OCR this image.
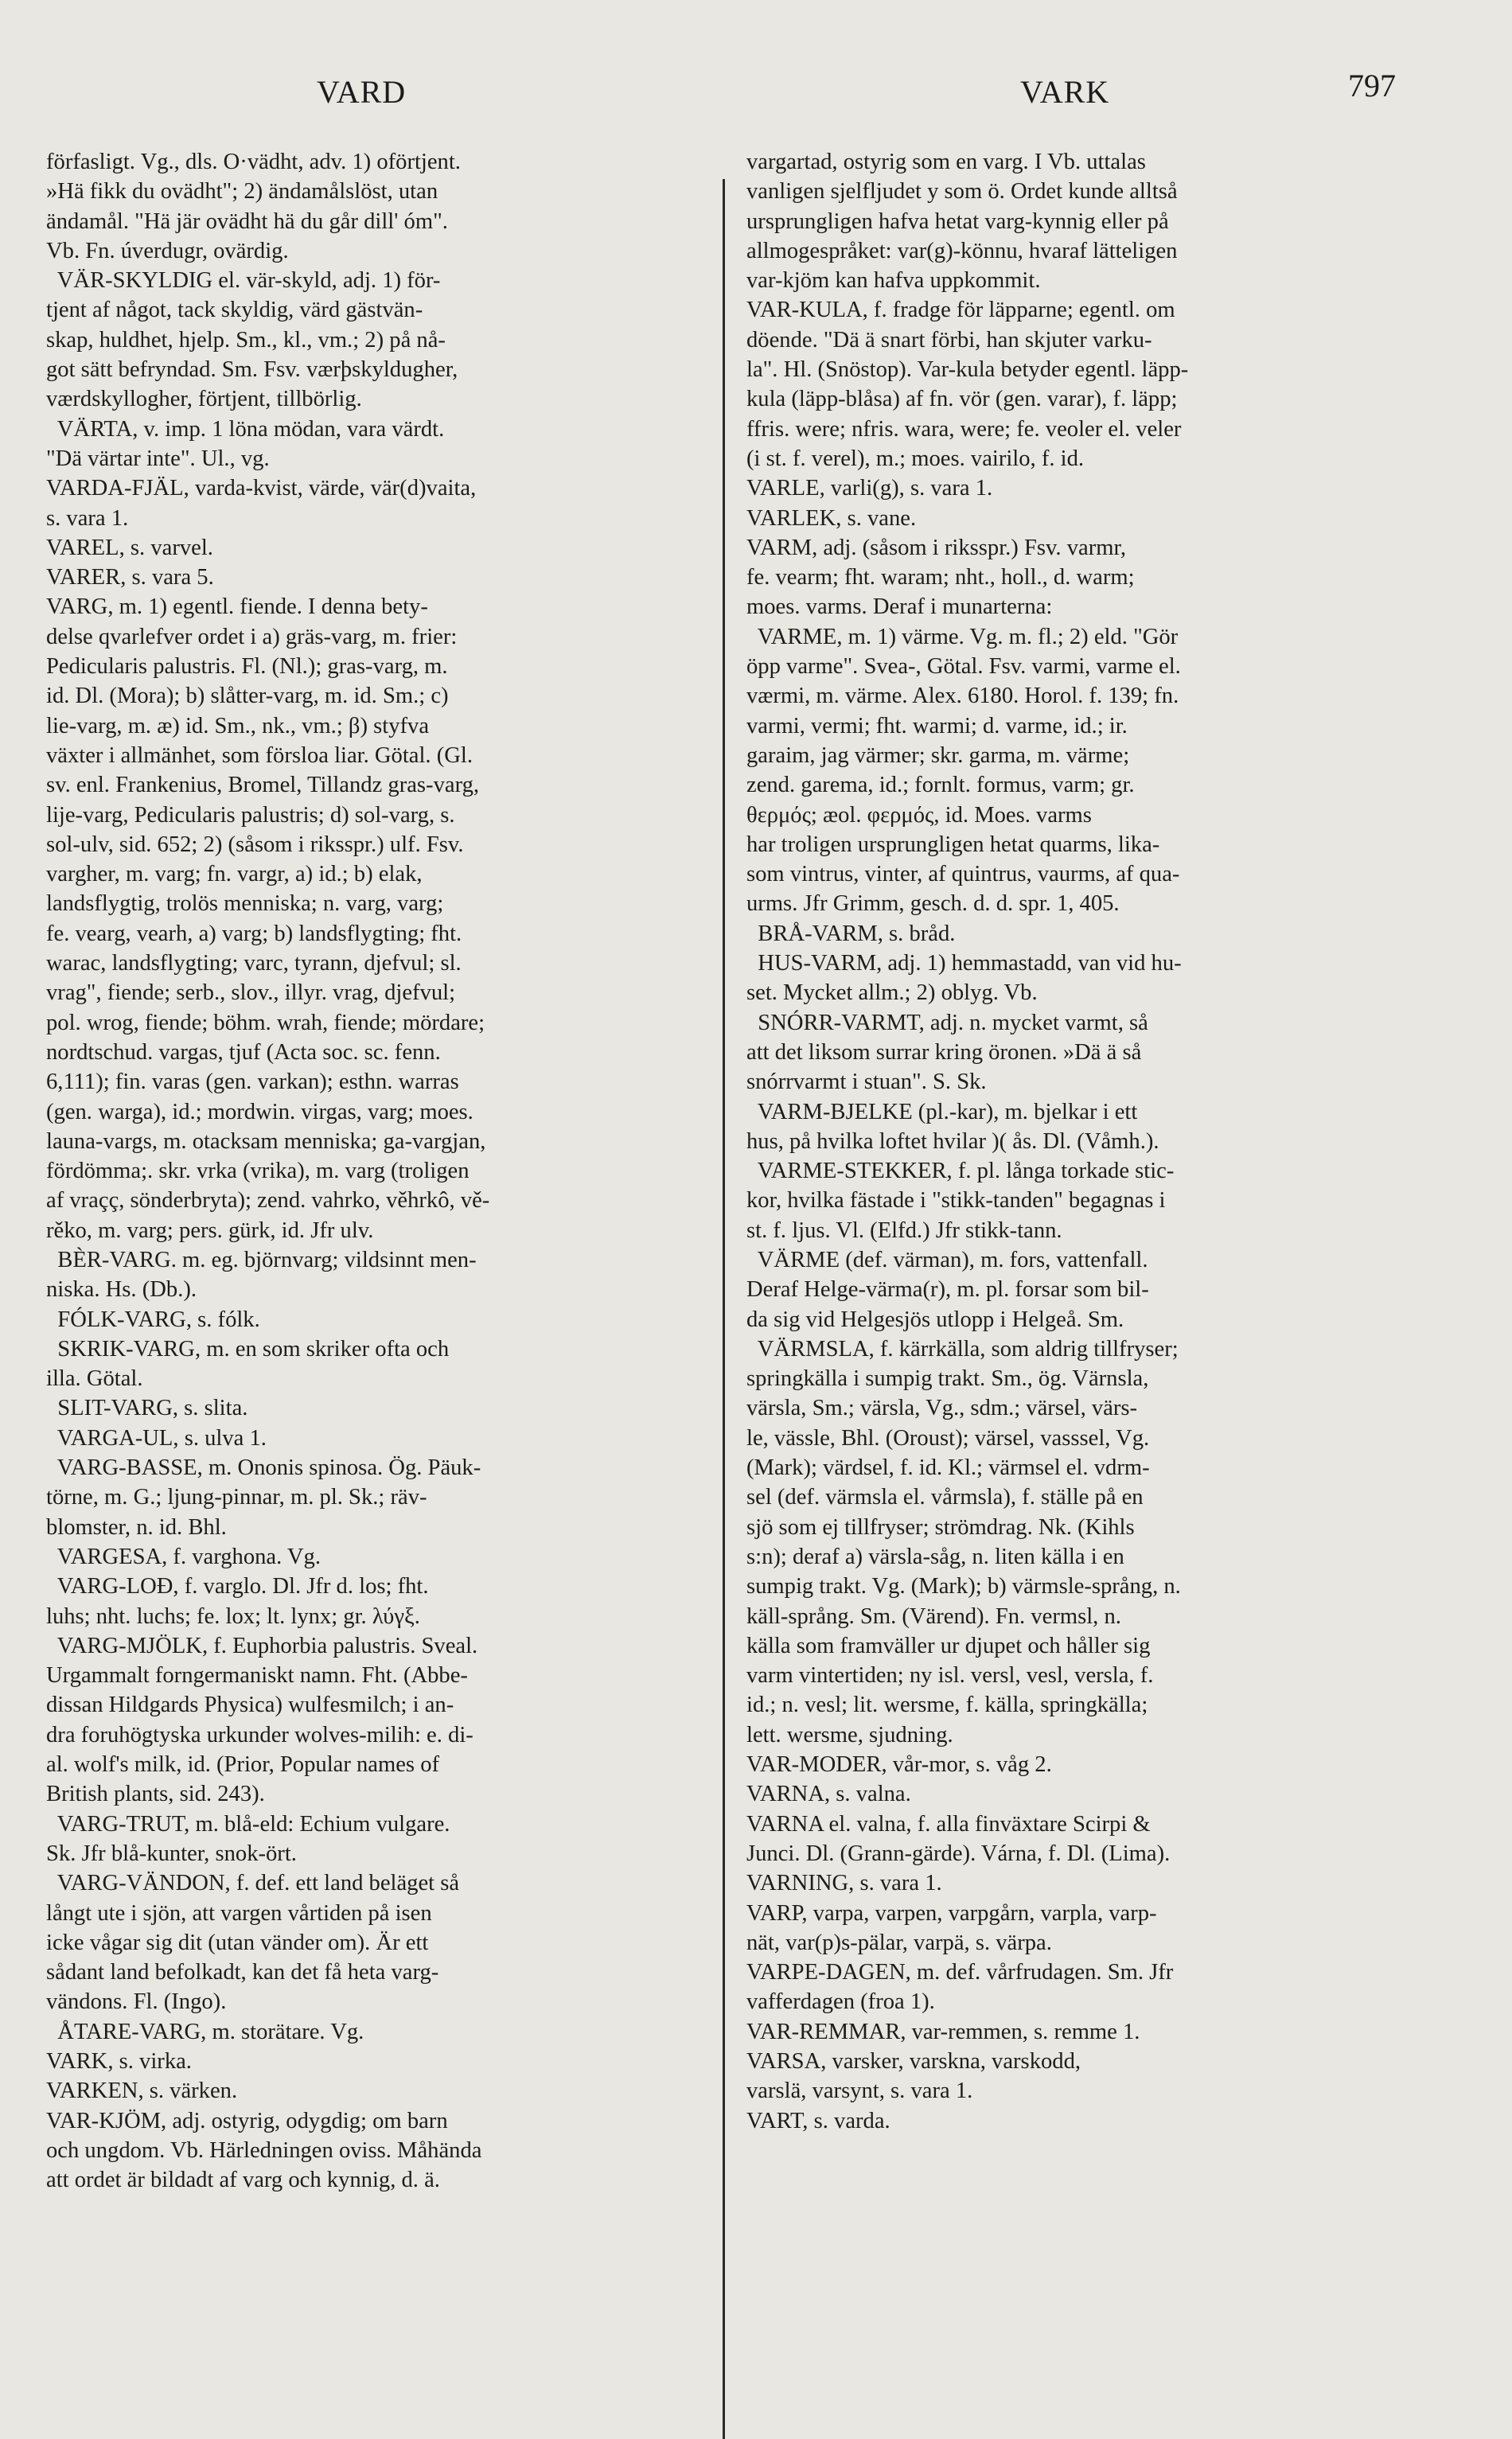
VARD	VARK	797
förfasligt. Vg., dls. O·vädht, adv. 1) oförtjent.
»Hä fikk du ovädht"; 2) ändamålslöst, utan
ändamål. "Hä jär ovädht hä du går dill' óm".
Vb. Fn. úverdugr, ovärdig.
VÄR-SKYLDIG el. vär-skyld, adj. 1) för-
tjent af något, tack skyldig, värd gästvän-
skap, huldhet, hjelp. Sm., kl., vm.; 2) på nå-
got sätt befryndad. Sm. Fsv. værþskyldugher,
værdskyllogher, förtjent, tillbörlig.
VÄRTA, v. imp. 1 löna mödan, vara värdt.
"Dä värtar inte". Ul., vg.
VARDA-FJÄL, varda-kvist, värde, vär(d)vaita,
s. vara 1.
VAREL, s. varvel.
VARER, s. vara 5.
VARG, m. 1) egentl. fiende. I denna bety-
delse qvarlefver ordet i a) gräs-varg, m. frier:
Pedicularis palustris. Fl. (Nl.); gras-varg, m.
id. Dl. (Mora); b) slåtter-varg, m. id. Sm.; c)
lie-varg, m. æ) id. Sm., nk., vm.; β) styfva
växter i allmänhet, som försloa liar. Götal. (Gl.
sv. enl. Frankenius, Bromel, Tillandz gras-varg,
lije-varg, Pedicularis palustris; d) sol-varg, s.
sol-ulv, sid. 652; 2) (såsom i riksspr.) ulf. Fsv.
vargher, m. varg; fn. vargr, a) id.; b) elak,
landsflygtig, trolös menniska; n. varg, varg;
fe. vearg, vearh, a) varg; b) landsflygting; fht.
warac, landsflygting; varc, tyrann, djefvul; sl.
vrag", fiende; serb., slov., illyr. vrag, djefvul;
pol. wrog, fiende; böhm. wrah, fiende; mördare;
nordtschud. vargas, tjuf (Acta soc. sc. fenn.
6,111); fin. varas (gen. varkan); esthn. warras
(gen. warga), id.; mordwin. virgas, varg; moes.
launa-vargs, m. otacksam menniska; ga-vargjan,
fördömma;. skr. vrka (vrika), m. varg (troligen
af vraçç, sönderbryta); zend. vahrko, věhrkô, vě-
rěko, m. varg; pers. gürk, id. Jfr ulv.
BÈR-VARG. m. eg. björnvarg; vildsinnt men-
niska. Hs. (Db.).
FÓLK-VARG, s. fólk.
SKRIK-VARG, m. en som skriker ofta och
illa. Götal.
SLIT-VARG, s. slita.
VARGA-UL, s. ulva 1.
VARG-BASSE, m. Ononis spinosa. Ög. Päuk-
törne, m. G.; ljung-pinnar, m. pl. Sk.; räv-
blomster, n. id. Bhl.
VARGESA, f. varghona. Vg.
VARG-LOÐ, f. varglo. Dl. Jfr d. los; fht.
luhs; nht. luchs; fe. lox; lt. lynx; gr. λύγξ.
VARG-MJÖLK, f. Euphorbia palustris. Sveal.
Urgammalt forngermaniskt namn. Fht. (Abbe-
dissan Hildgards Physica) wulfesmilch; i an-
dra foruhögtyska urkunder wolves-milih: e. di-
al. wolf's milk, id. (Prior, Popular names of
British plants, sid. 243).
VARG-TRUT, m. blå-eld: Echium vulgare.
Sk. Jfr blå-kunter, snok-ört.
VARG-VÄNDON, f. def. ett land beläget så
långt ute i sjön, att vargen vårtiden på isen
icke vågar sig dit (utan vänder om). Är ett
sådant land befolkadt, kan det få heta varg-
vändons. Fl. (Ingo).
ÅTARE-VARG, m. storätare. Vg.
VARK, s. virka.
VARKEN, s. värken.
VAR-KJÖM, adj. ostyrig, odygdig; om barn
och ungdom. Vb. Härledningen oviss. Måhända
att ordet är bildadt af varg och kynnig, d. ä.
vargartad, ostyrig som en varg. I Vb. uttalas
vanligen sjelfljudet y som ö. Ordet kunde alltså
ursprungligen hafva hetat varg-kynnig eller på
allmogespråket: var(g)-könnu, hvaraf lätteligen
var-kjöm kan hafva uppkommit.
VAR-KULA, f. fradge för läpparne; egentl. om
döende. "Dä ä snart förbi, han skjuter varku-
la". Hl. (Snöstop). Var-kula betyder egentl. läpp-
kula (läpp-blåsa) af fn. vör (gen. varar), f. läpp;
ffris. were; nfris. wara, were; fe. veoler el. veler
(i st. f. verel), m.; moes. vairilo, f. id.
VARLE, varli(g), s. vara 1.
VARLEK, s. vane.
VARM, adj. (såsom i riksspr.) Fsv. varmr,
fe. vearm; fht. waram; nht., holl., d. warm;
moes. varms. Deraf i munarterna:
VARME, m. 1) värme. Vg. m. fl.; 2) eld. "Gör
öpp varme". Svea-, Götal. Fsv. varmi, varme el.
værmi, m. värme. Alex. 6180. Horol. f. 139; fn.
varmi, vermi; fht. warmi; d. varme, id.; ir.
garaim, jag värmer; skr. garma, m. värme;
zend. garema, id.; fornlt. formus, varm; gr.
θερμός; æol. φερμός, id. Moes. varms
har troligen ursprungligen hetat quarms, lika-
som vintrus, vinter, af quintrus, vaurms, af qua-
urms. Jfr Grimm, gesch. d. d. spr. 1, 405.
BRÅ-VARM, s. bråd.
HUS-VARM, adj. 1) hemmastadd, van vid hu-
set. Mycket allm.; 2) oblyg. Vb.
SNÓRR-VARMT, adj. n. mycket varmt, så
att det liksom surrar kring öronen. »Dä ä så
snórrvarmt i stuan". S. Sk.
VARM-BJELKE (pl.-kar), m. bjelkar i ett
hus, på hvilka loftet hvilar )( ås. Dl. (Våmh.).
VARME-STEKKER, f. pl. långa torkade stic-
kor, hvilka fästade i "stikk-tanden" begagnas i
st. f. ljus. Vl. (Elfd.) Jfr stikk-tann.
VÄRME (def. värman), m. fors, vattenfall.
Deraf Helge-värma(r), m. pl. forsar som bil-
da sig vid Helgesjös utlopp i Helgeå. Sm.
VÄRMSLA, f. kärrkälla, som aldrig tillfryser;
springkälla i sumpig trakt. Sm., ög. Värnsla,
värsla, Sm.; värsla, Vg., sdm.; värsel, värs-
le, vässle, Bhl. (Oroust); värsel, vasssel, Vg.
(Mark); värdsel, f. id. Kl.; värmsel el. vdrm-
sel (def. värmsla el. vårmsla), f. ställe på en
sjö som ej tillfryser; strömdrag. Nk. (Kihls
s:n); deraf a) värsla-såg, n. liten källa i en
sumpig trakt. Vg. (Mark); b) värmsle-språng, n.
käll-språng. Sm. (Värend). Fn. vermsl, n.
källa som framväller ur djupet och håller sig
varm vintertiden; ny isl. versl, vesl, versla, f.
id.; n. vesl; lit. wersme, f. källa, springkälla;
lett. wersme, sjudning.
VAR-MODER, vår-mor, s. våg 2.
VARNA, s. valna.
VARNA el. valna, f. alla finväxtare Scirpi &
Junci. Dl. (Grann-gärde). Várna, f. Dl. (Lima).
VARNING, s. vara 1.
VARP, varpa, varpen, varpgårn, varpla, varp-
nät, var(p)s-pälar, varpä, s. värpa.
VARPE-DAGEN, m. def. vårfrudagen. Sm. Jfr
vafferdagen (froa 1).
VAR-REMMAR, var-remmen, s. remme 1.
VARSA, varsker, varskna, varskodd,
varslä, varsynt, s. vara 1.
VART, s. varda.
